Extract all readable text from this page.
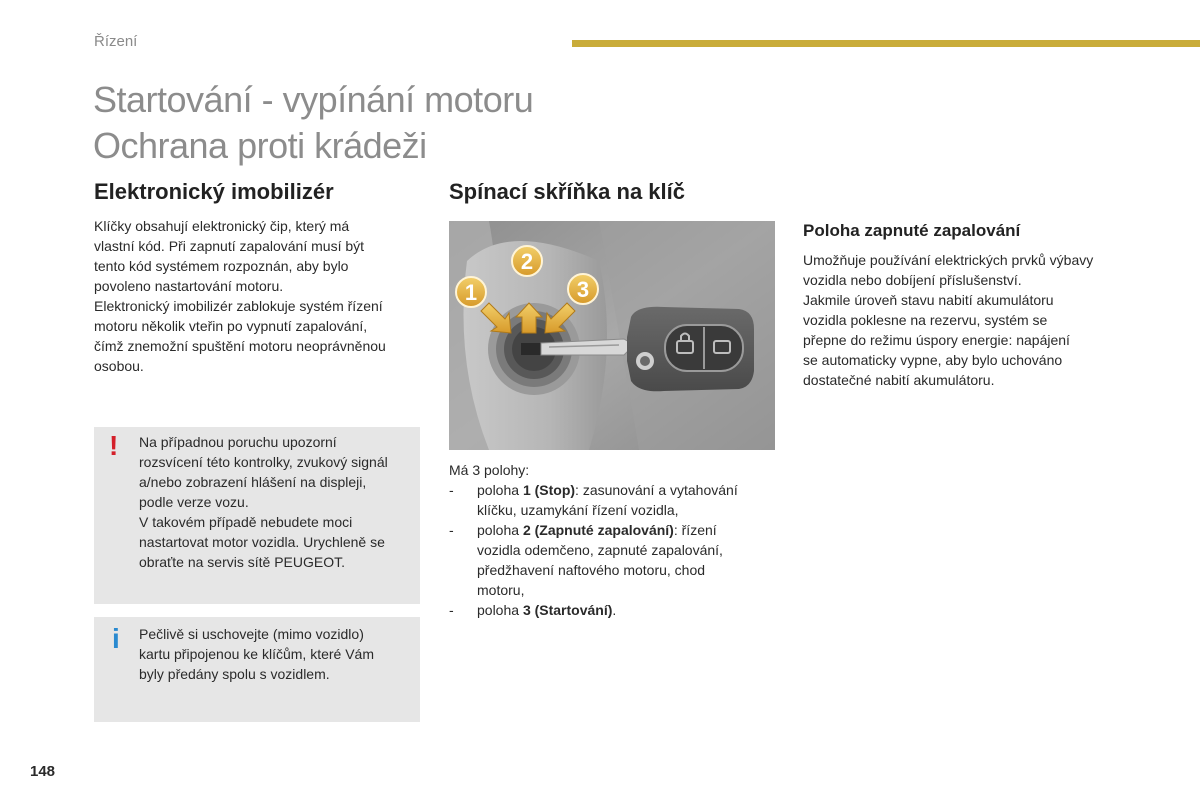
Řízení
Startování - vypínání motoru
Ochrana proti krádeži
Elektronický imobilizér
Klíčky obsahují elektronický čip, který má
vlastní kód. Při zapnutí zapalování musí být
tento kód systémem rozpoznán, aby bylo
povoleno nastartování motoru.
Elektronický imobilizér zablokuje systém řízení
motoru několik vteřin po vypnutí zapalování,
čímž znemožní spuštění motoru neoprávněnou
osobou.
! Na případnou poruchu upozorní
rozsvícení této kontrolky, zvukový signál
a/nebo zobrazení hlášení na displeji,
podle verze vozu.
V takovém případě nebudete moci
nastartovat motor vozidla. Urychleně se
obraťte na servis sítě PEUGEOT.
i Pečlivě si uschovejte (mimo vozidlo)
kartu připojenou ke klíčům, které Vám
byly předány spolu s vozidlem.
Spínací skříňka na klíč
2
1	3
Má 3 polohy:
- poloha 1 (Stop): zasunování a vytahování
klíčku, uzamykání řízení vozidla,
- poloha 2 (Zapnuté zapalování): řízení
vozidla odemčeno, zapnuté zapalování,
předžhavení naftového motoru, chod
motoru,
- poloha 3 (Startování).
Poloha zapnuté zapalování
Umožňuje používání elektrických prvků výbavy
vozidla nebo dobíjení příslušenství.
Jakmile úroveň stavu nabití akumulátoru
vozidla poklesne na rezervu, systém se
přepne do režimu úspory energie: napájení
se automaticky vypne, aby bylo uchováno
dostatečné nabití akumulátoru.
148
